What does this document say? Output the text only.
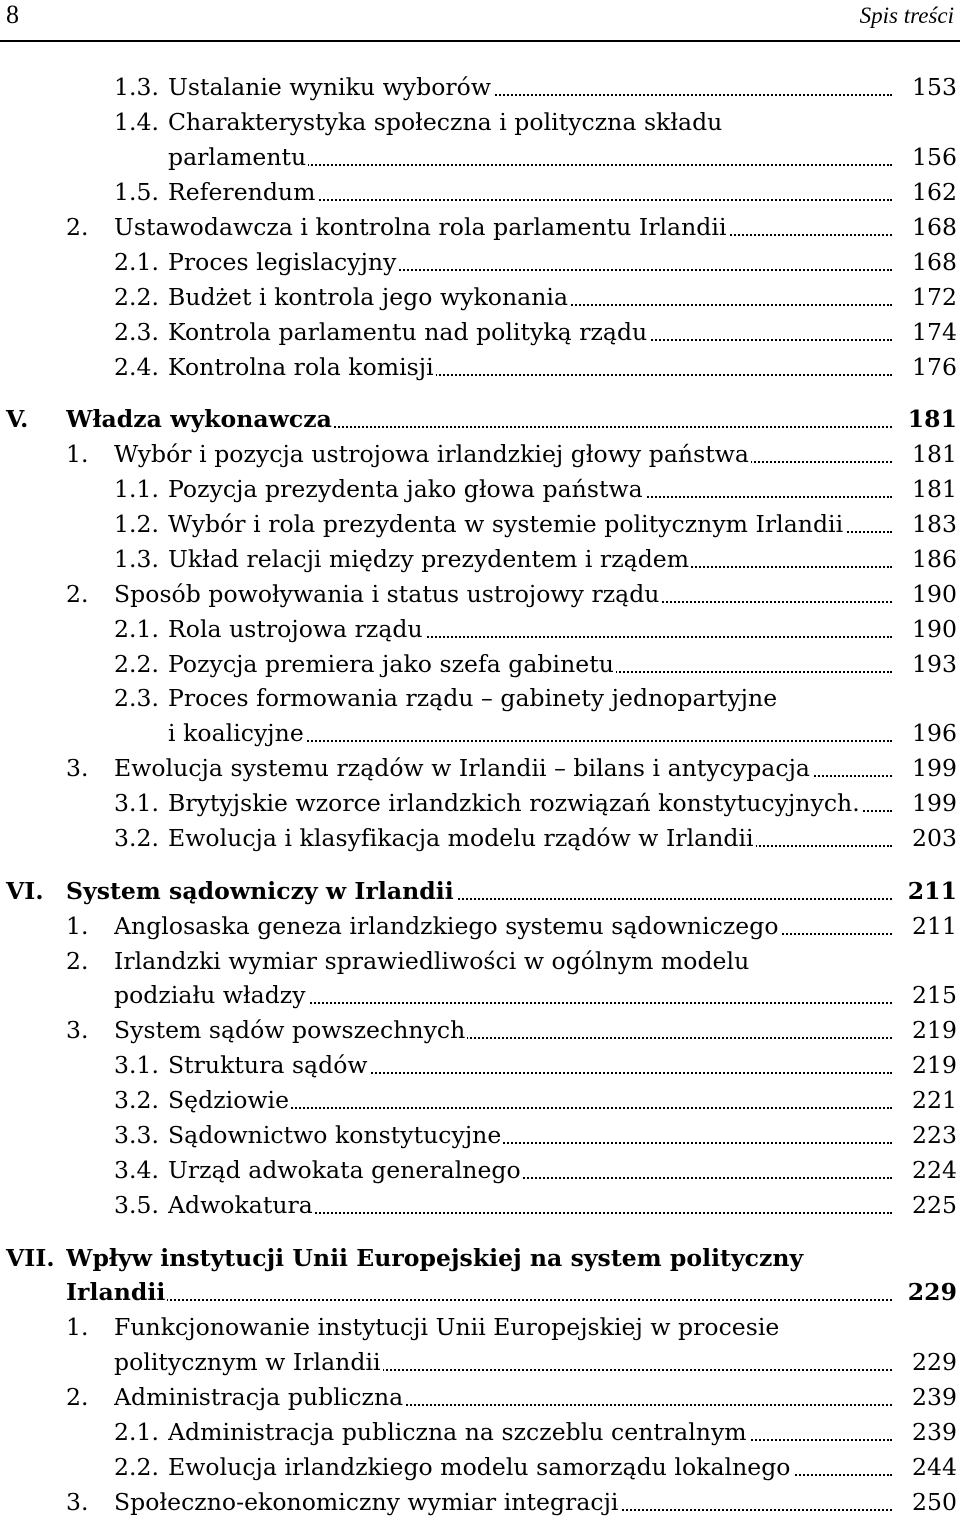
8	Spis treści
1.3. Ustalanie wyniku wyborów	153
1.4. Charakterystyka społeczna i polityczna składu
parlamentu	156
1.5. Referendum	162
2. Ustawodawcza i kontrolna rola parlamentu Irlandii	168
2.1. Proces legislacyjny	168
2.2. Budżet i kontrola jego wykonania	172
2.3. Kontrola parlamentu nad polityką rządu	174
2.4. Kontrolna rola komisji	176
V. Władza wykonawcza	181
1. Wybór i pozycja ustrojowa irlandzkiej głowy państwa	181
1.1. Pozycja prezydenta jako głowa państwa	181
1.2. Wybór i rola prezydenta w systemie politycznym Irlandii	183
1.3. Układ relacji między prezydentem i rządem	186
2. Sposób powoływania i status ustrojowy rządu	190
2.1. Rola ustrojowa rządu	190
2.2. Pozycja premiera jako szefa gabinetu	193
2.3. Proces formowania rządu – gabinety jednopartyjne
i koalicyjne	196
3. Ewolucja systemu rządów w Irlandii – bilans i antycypacja	199
3.1. Brytyjskie wzorce irlandzkich rozwiązań konstytucyjnych.	199
3.2. Ewolucja i klasyfikacja modelu rządów w Irlandii	203
VI. System sądowniczy w Irlandii	211
1. Anglosaska geneza irlandzkiego systemu sądowniczego	211
2. Irlandzki wymiar sprawiedliwości w ogólnym modelu
podziału władzy	215
3. System sądów powszechnych	219
3.1. Struktura sądów	219
3.2. Sędziowie	221
3.3. Sądownictwo konstytucyjne	223
3.4. Urząd adwokata generalnego	224
3.5. Adwokatura	225
VII. Wpływ instytucji Unii Europejskiej na system polityczny
Irlandii	229
1. Funkcjonowanie instytucji Unii Europejskiej w procesie
politycznym w Irlandii	229
2. Administracja publiczna	239
2.1. Administracja publiczna na szczeblu centralnym	239
2.2. Ewolucja irlandzkiego modelu samorządu lokalnego	244
3. Społeczno-ekonomiczny wymiar integracji	250
